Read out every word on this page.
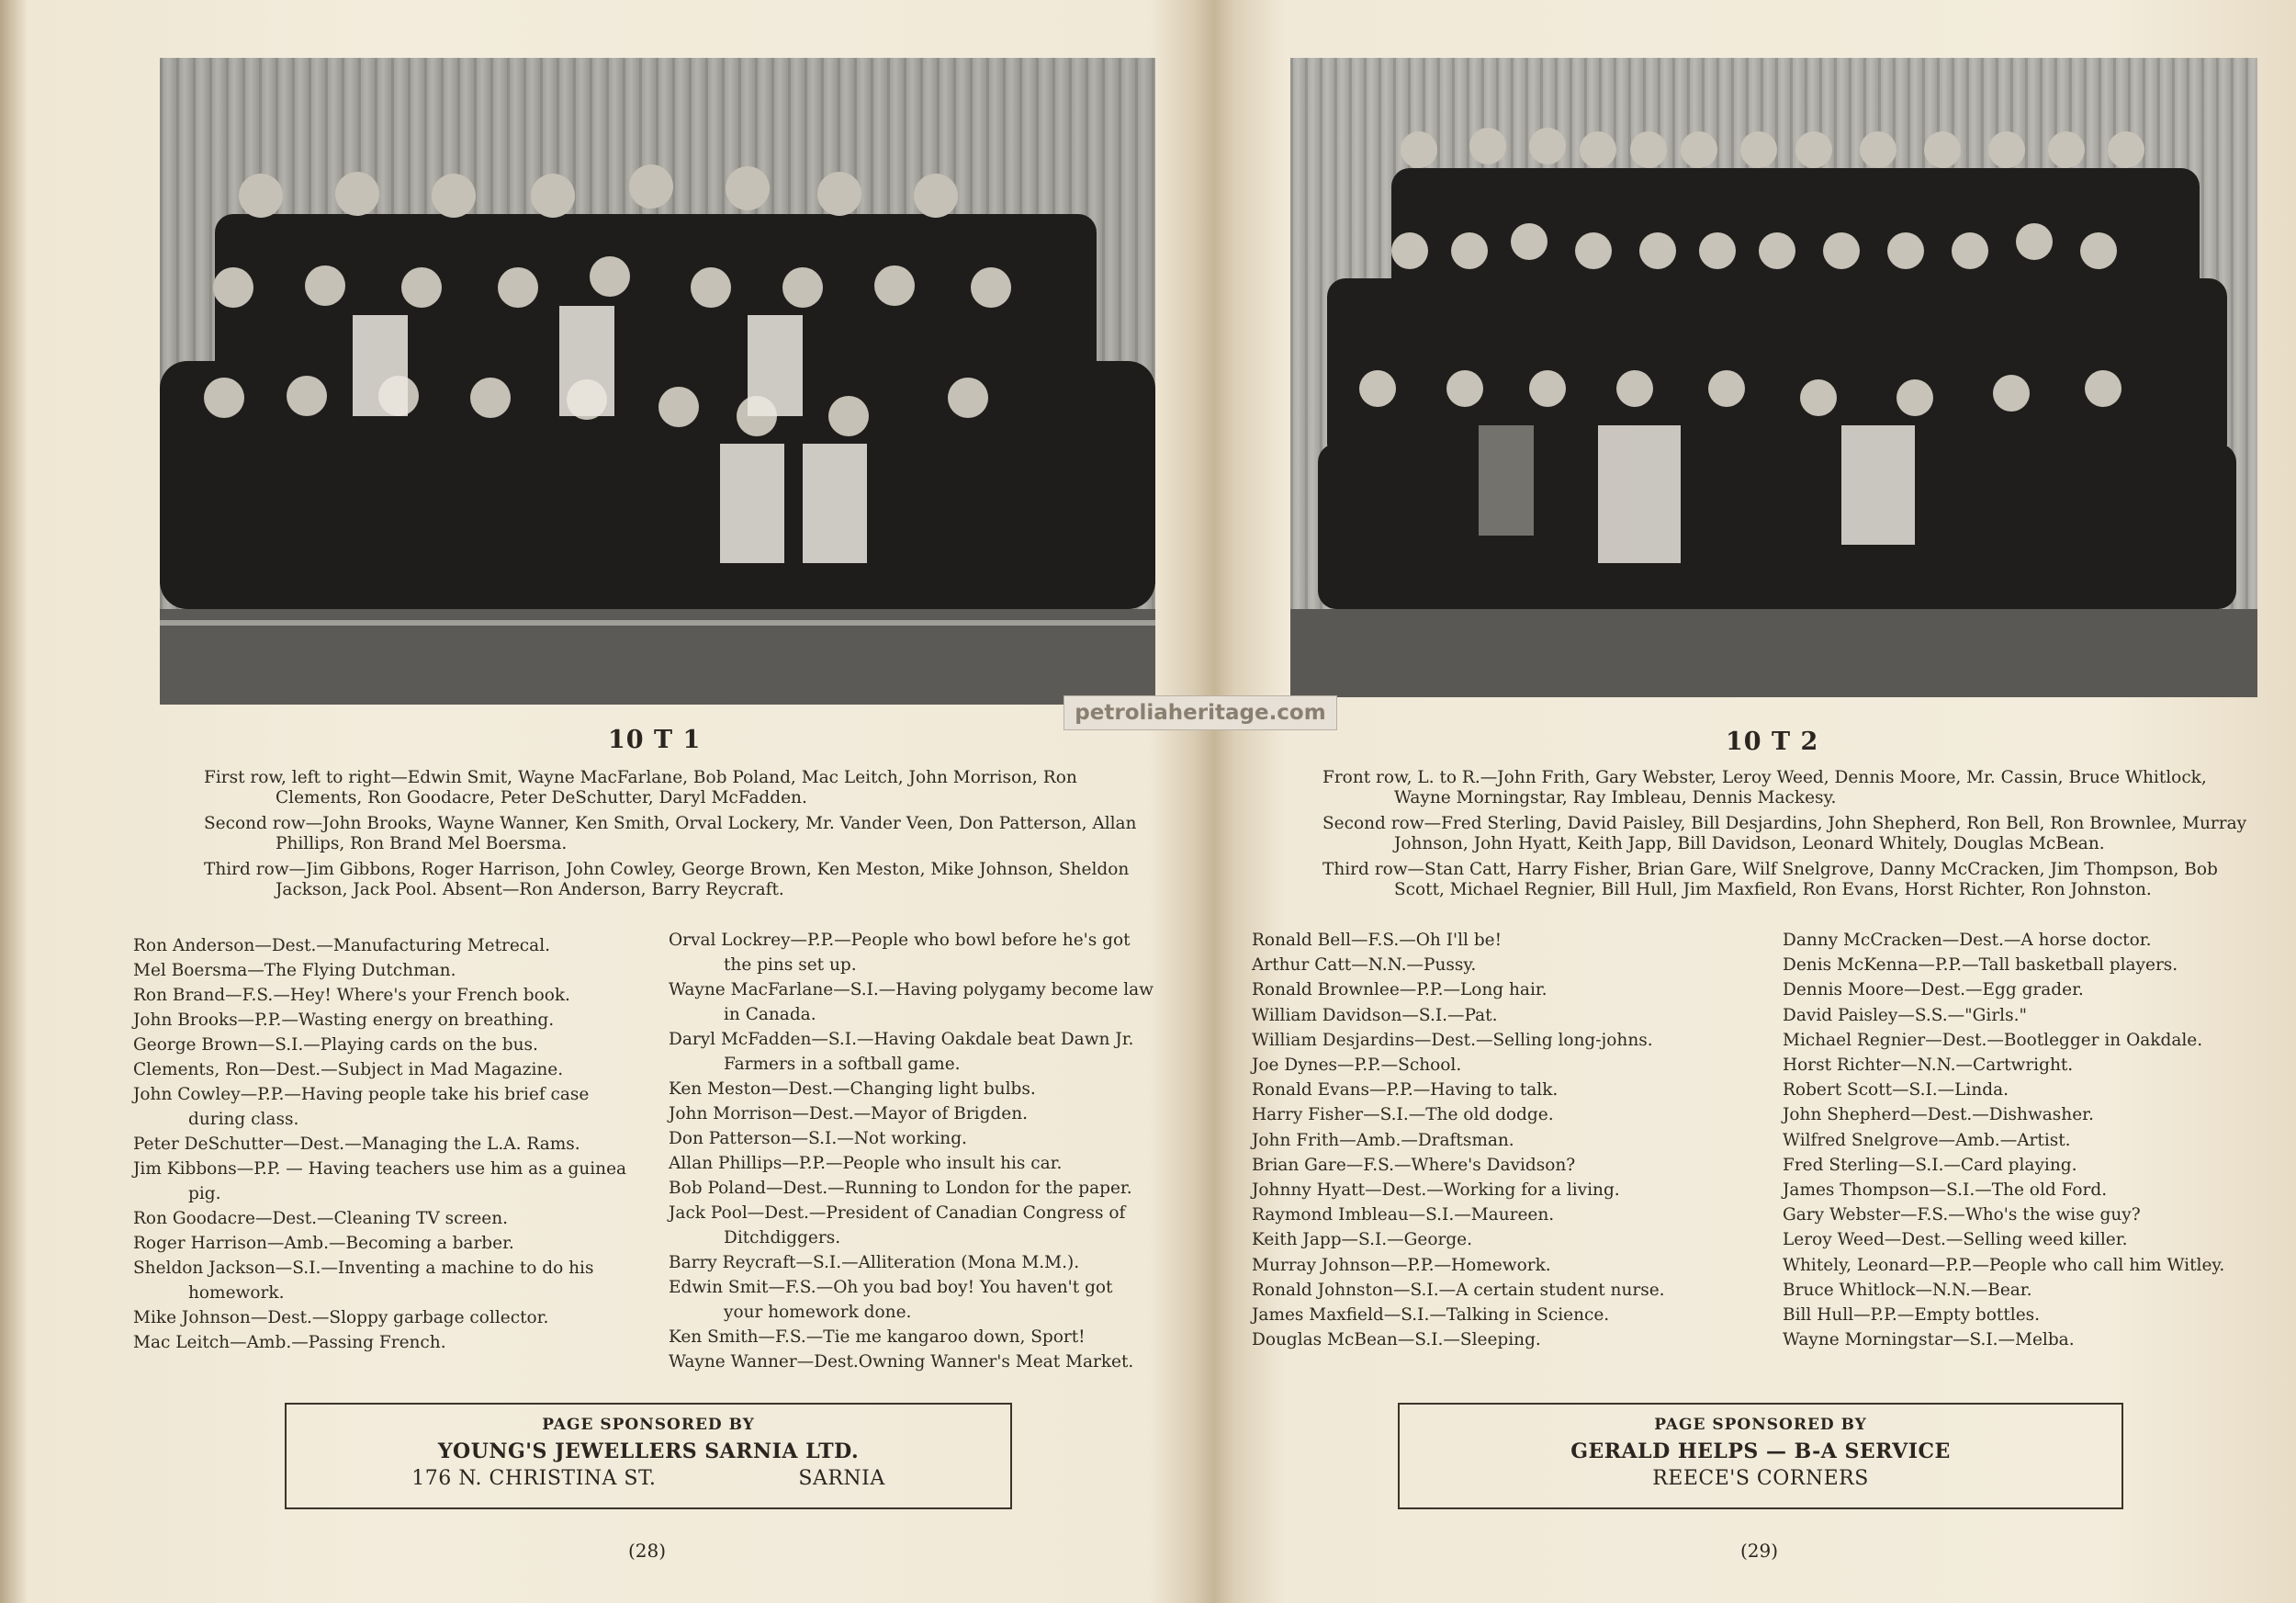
10 T 1

First row, left to right—Edwin Smit, Wayne MacFarlane, Bob Poland, Mac Leitch, John Morrison, Ron Clements, Ron Goodacre, Peter DeSchutter, Daryl McFadden.

Second row—John Brooks, Wayne Wanner, Ken Smith, Orval Lockery, Mr. Vander Veen, Don Patterson, Allan Phillips, Ron Brand Mel Boersma.

Third row—Jim Gibbons, Roger Harrison, John Cowley, George Brown, Ken Meston, Mike Johnson, Sheldon Jackson, Jack Pool. Absent—Ron Anderson, Barry Reycraft.

Ron Anderson—Dest.—Manufacturing Metrecal.
Mel Boersma—The Flying Dutchman.
Ron Brand—F.S.—Hey! Where's your French book.
John Brooks—P.P.—Wasting energy on breathing.
George Brown—S.I.—Playing cards on the bus.
Clements, Ron—Dest.—Subject in Mad Magazine.
John Cowley—P.P.—Having people take his brief case during class.
Peter DeSchutter—Dest.—Managing the L.A. Rams.
Jim Kibbons—P.P. — Having teachers use him as a guinea pig.
Ron Goodacre—Dest.—Cleaning TV screen.
Roger Harrison—Amb.—Becoming a barber.
Sheldon Jackson—S.I.—Inventing a machine to do his homework.
Mike Johnson—Dest.—Sloppy garbage collector.
Mac Leitch—Amb.—Passing French.
Orval Lockrey—P.P.—People who bowl before he's got the pins set up.
Wayne MacFarlane—S.I.—Having polygamy become law in Canada.
Daryl McFadden—S.I.—Having Oakdale beat Dawn Jr. Farmers in a softball game.
Ken Meston—Dest.—Changing light bulbs.
John Morrison—Dest.—Mayor of Brigden.
Don Patterson—S.I.—Not working.
Allan Phillips—P.P.—People who insult his car.
Bob Poland—Dest.—Running to London for the paper.
Jack Pool—Dest.—President of Canadian Congress of Ditchdiggers.
Barry Reycraft—S.I.—Alliteration (Mona M.M.).
Edwin Smit—F.S.—Oh you bad boy! You haven't got your homework done.
Ken Smith—F.S.—Tie me kangaroo down, Sport!
Wayne Wanner—Dest.Owning Wanner's Meat Market.
PAGE SPONSORED BY
YOUNG'S JEWELLERS SARNIA LTD.
176 N. CHRISTINA ST.	SARNIA
(28)
10 T 2

Front row, L. to R.—John Frith, Gary Webster, Leroy Weed, Dennis Moore, Mr. Cassin, Bruce Whitlock, Wayne Morningstar, Ray Imbleau, Dennis Mackesy.

Second row—Fred Sterling, David Paisley, Bill Desjardins, John Shepherd, Ron Bell, Ron Brownlee, Murray Johnson, John Hyatt, Keith Japp, Bill Davidson, Leonard Whitely, Douglas McBean.

Third row—Stan Catt, Harry Fisher, Brian Gare, Wilf Snelgrove, Danny McCracken, Jim Thompson, Bob Scott, Michael Regnier, Bill Hull, Jim Maxfield, Ron Evans, Horst Richter, Ron Johnston.

Ronald Bell—F.S.—Oh I'll be!
Arthur Catt—N.N.—Pussy.
Ronald Brownlee—P.P.—Long hair.
William Davidson—S.I.—Pat.
William Desjardins—Dest.—Selling long-johns.
Joe Dynes—P.P.—School.
Ronald Evans—P.P.—Having to talk.
Harry Fisher—S.I.—The old dodge.
John Frith—Amb.—Draftsman.
Brian Gare—F.S.—Where's Davidson?
Johnny Hyatt—Dest.—Working for a living.
Raymond Imbleau—S.I.—Maureen.
Keith Japp—S.I.—George.
Murray Johnson—P.P.—Homework.
Ronald Johnston—S.I.—A certain student nurse.
James Maxfield—S.I.—Talking in Science.
Douglas McBean—S.I.—Sleeping.
Danny McCracken—Dest.—A horse doctor.
Denis McKenna—P.P.—Tall basketball players.
Dennis Moore—Dest.—Egg grader.
David Paisley—S.S.—"Girls."
Michael Regnier—Dest.—Bootlegger in Oakdale.
Horst Richter—N.N.—Cartwright.
Robert Scott—S.I.—Linda.
John Shepherd—Dest.—Dishwasher.
Wilfred Snelgrove—Amb.—Artist.
Fred Sterling—S.I.—Card playing.
James Thompson—S.I.—The old Ford.
Gary Webster—F.S.—Who's the wise guy?
Leroy Weed—Dest.—Selling weed killer.
Whitely, Leonard—P.P.—People who call him Witley.
Bruce Whitlock—N.N.—Bear.
Bill Hull—P.P.—Empty bottles.
Wayne Morningstar—S.I.—Melba.
PAGE SPONSORED BY
GERALD HELPS — B-A SERVICE
REECE'S CORNERS
(29)
petroliaheritage.com
